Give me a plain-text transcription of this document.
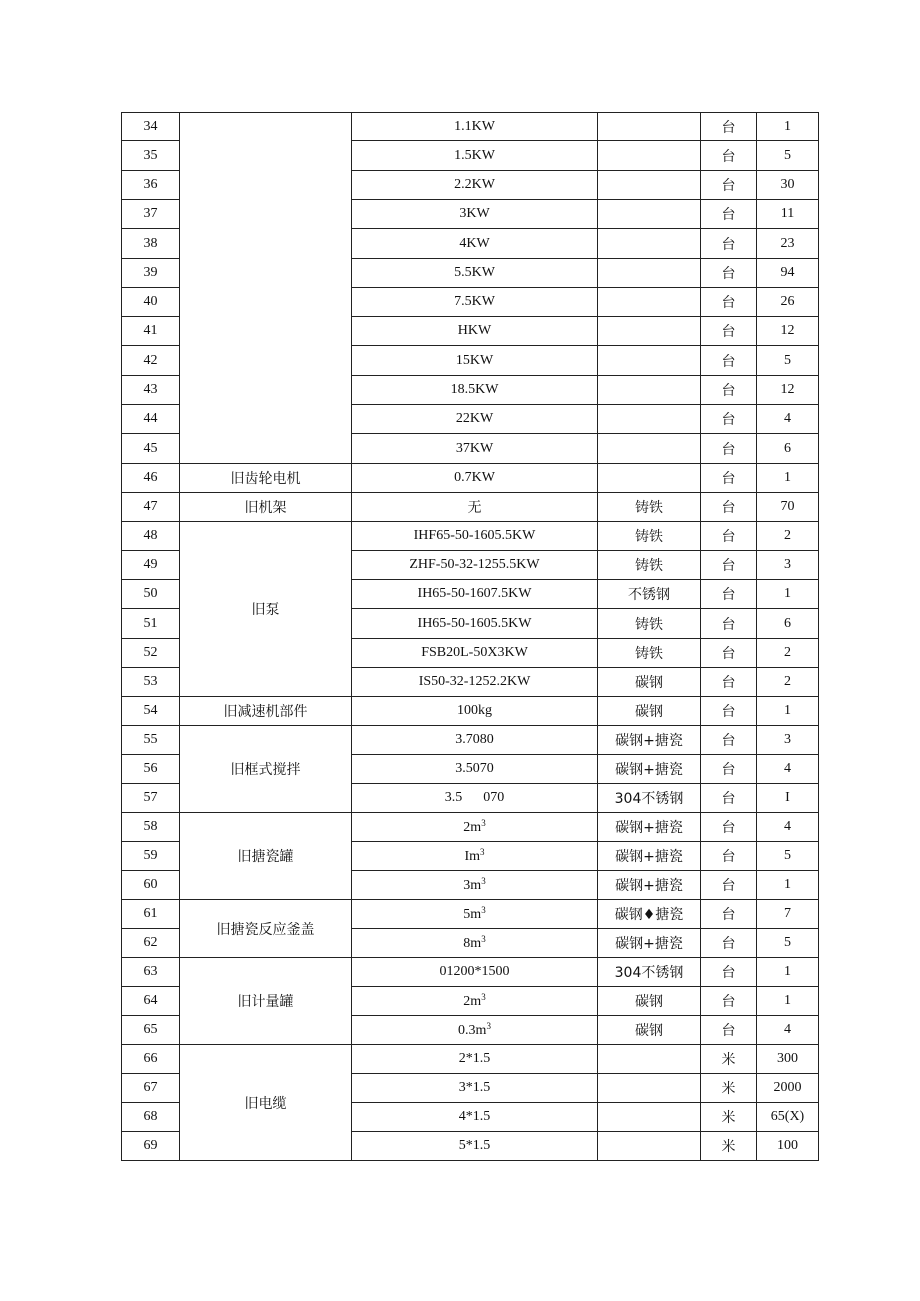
34		1.1KW		台	1
35		1.5KW		台	5
36		2.2KW		台	30
37		3KW		台	11
38		4KW		台	23
39		5.5KW		台	94
40		7.5KW		台	26
41		HKW		台	12
42		15KW		台	5
43		18.5KW		台	12
44		22KW		台	4
45		37KW		台	6
46	旧齿轮电机	0.7KW		台	1
47	旧机架	无	铸铁	台	70
48	旧泵	IHF65-50-1605.5KW	铸铁	台	2
49		ZHF-50-32-1255.5KW	铸铁	台	3
50		IH65-50-1607.5KW	不锈钢	台	1
51		IH65-50-1605.5KW	铸铁	台	6
52		FSB20L-50X3KW	铸铁	台	2
53		IS50-32-1252.2KW	碳钢	台	2
54	旧减速机部件	100kg	碳钢	台	1
55	旧框式搅拌	3.7080	碳钢+搪瓷	台	3
56		3.5070	碳钢+搪瓷	台	4
57		3.5      070	304不锈钢	台	I
58	旧搪瓷罐	$2m^3$	碳钢+搪瓷	台	4
59		Im$^3$	碳钢+搪瓷	台	5
60		$3m^3$	碳钢+搪瓷	台	1
61	旧搪瓷反应釜盖	$5m^3$	碳钢♦搪瓷	台	7
62		$8m^3$	碳钢+搪瓷	台	5
63	旧计量罐	01200*1500	304不锈钢	台	1
64		$2m^3$	碳钢	台	1
65		$0.3m^3$	碳钢	台	4
66	旧电缆	2*1.5		米	300
67		3*1.5		米	2000
68		4*1.5		米	65(X)
69		5*1.5		米	100
